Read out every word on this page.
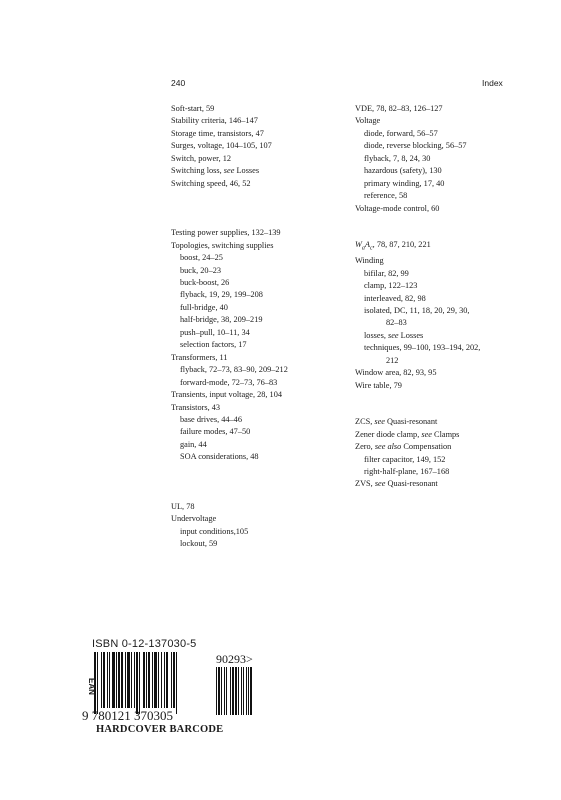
240	Index
Soft-start, 59
Stability criteria, 146–147
Storage time, transistors, 47
Surges, voltage, 104–105, 107
Switch, power, 12
Switching loss, see Losses
Switching speed, 46, 52
Testing power supplies, 132–139
Topologies, switching supplies
boost, 24–25
buck, 20–23
buck-boost, 26
flyback, 19, 29, 199–208
full-bridge, 40
half-bridge, 38, 209–219
push–pull, 10–11, 34
selection factors, 17
Transformers, 11
flyback, 72–73, 83–90, 209–212
forward-mode, 72–73, 76–83
Transients, input voltage, 28, 104
Transistors, 43
base drives, 44–46
failure modes, 47–50
gain, 44
SOA considerations, 48
UL, 78
Undervoltage
input conditions,105
lockout, 59
VDE, 78, 82–83, 126–127
Voltage
diode, forward, 56–57
diode, reverse blocking, 56–57
flyback, 7, 8, 24, 30
hazardous (safety), 130
primary winding, 17, 40
reference, 58
Voltage-mode control, 60
$W_aA_c$, 78, 87, 210, 221
Winding
bifilar, 82, 99
clamp, 122–123
interleaved, 82, 98
isolated, DC, 11, 18, 20, 29, 30,
82–83
losses, see Losses
techniques, 99–100, 193–194, 202,
212
Window area, 82, 93, 95
Wire table, 79
ZCS, see Quasi-resonant
Zener diode clamp, see Clamps
Zero, see also Compensation
filter capacitor, 149, 152
right-half-plane, 167–168
ZVS, see Quasi-resonant
ISBN 0-12-137030-5
EAN
9 780121 370305
90293>
HARDCOVER BARCODE
